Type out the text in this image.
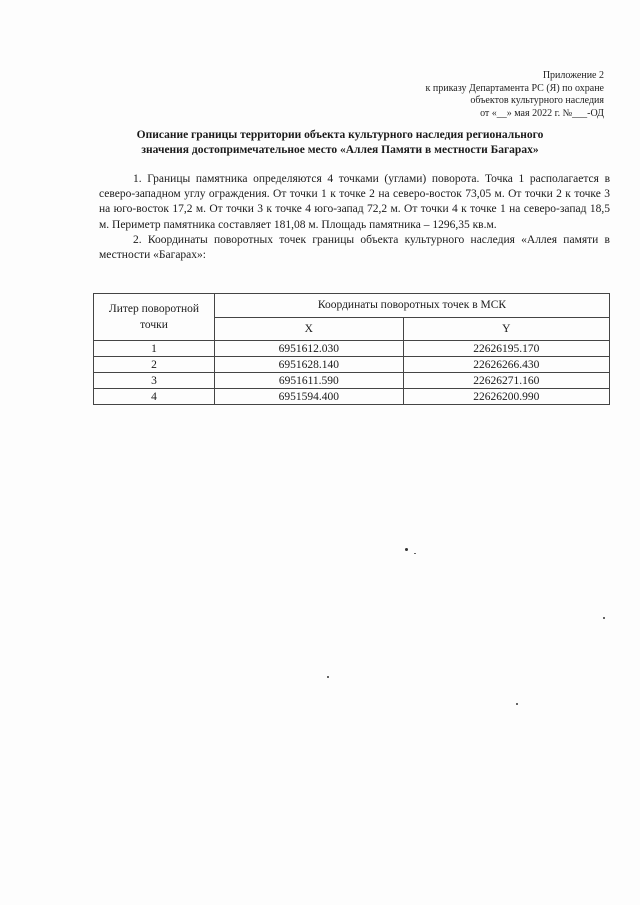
Приложение 2
к приказу Департамента РС (Я) по охране
объектов культурного наследия
от «__» мая 2022 г. №___-ОД
Описание границы территории объекта культурного наследия регионального
значения достопримечательное место «Аллея Памяти в местности Багарах»

1. Границы памятника определяются 4 точками (углами) поворота. Точка 1 располагается в северо-западном углу ограждения. От точки 1 к точке 2 на северо-восток 73,05 м. От точки 2 к точке 3 на юго-восток 17,2 м. От точки 3 к точке 4 юго-запад 72,2 м. От точки 4 к точке 1 на северо-запад 18,5 м. Периметр памятника составляет 181,08 м. Площадь памятника – 1296,35 кв.м.

2. Координаты поворотных точек границы объекта культурного наследия «Аллея памяти в местности «Багарах»:

Литер поворотной точки	Координаты поворотных точек в МСК	
	X	Y
1	6951612.030	22626195.170
2	6951628.140	22626266.430
3	6951611.590	22626271.160
4	6951594.400	22626200.990
